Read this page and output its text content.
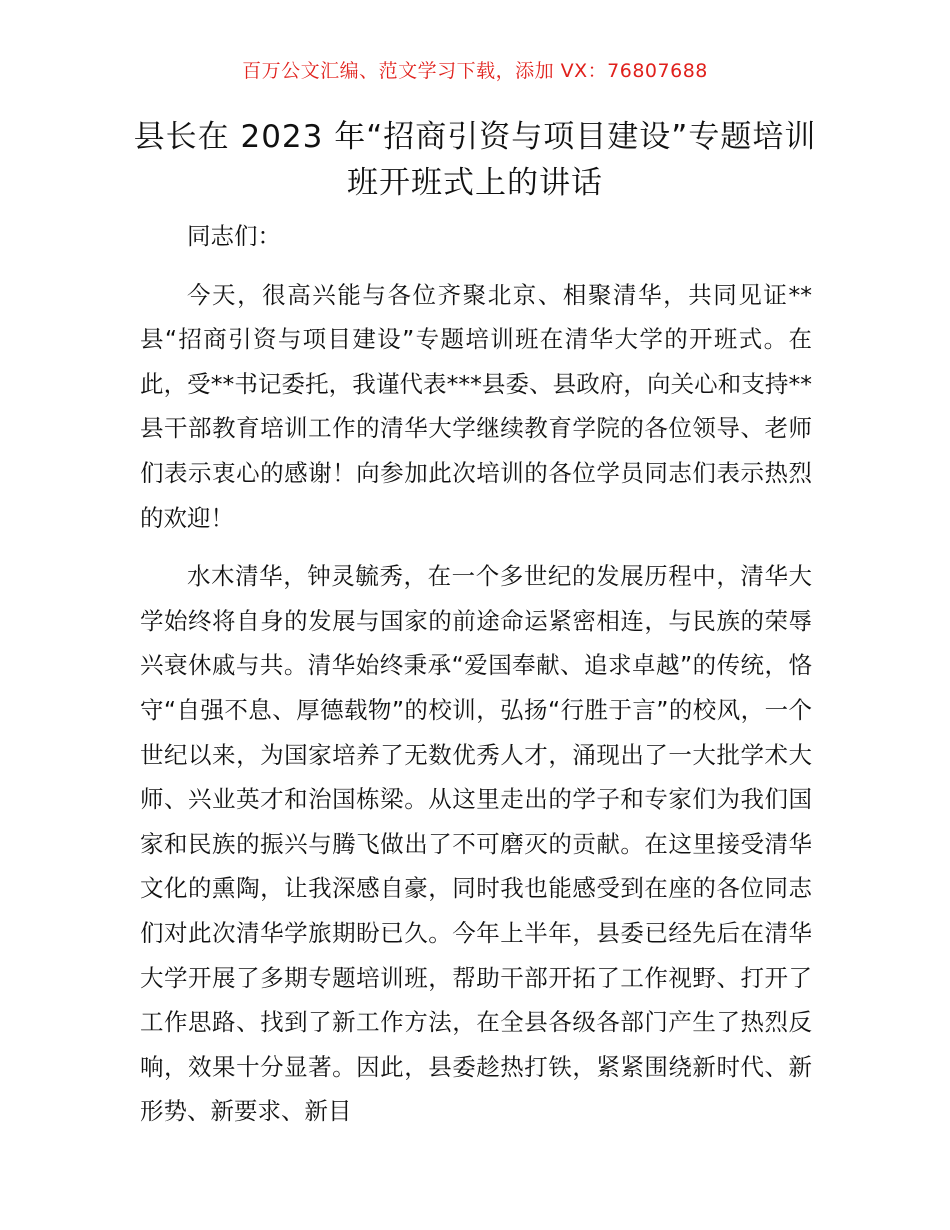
百万公文汇编、范文学习下载，添加 VX：76807688
县长在 2023 年“招商引资与项目建设”专题培训班开班式上的讲话

同志们：

今天，很高兴能与各位齐聚北京、相聚清华，共同见证**县“招商引资与项目建设”专题培训班在清华大学的开班式。在此，受**书记委托，我谨代表***县委、县政府，向关心和支持**县干部教育培训工作的清华大学继续教育学院的各位领导、老师们表示衷心的感谢！向参加此次培训的各位学员同志们表示热烈的欢迎！

水木清华，钟灵毓秀，在一个多世纪的发展历程中，清华大学始终将自身的发展与国家的前途命运紧密相连，与民族的荣辱兴衰休戚与共。清华始终秉承“爱国奉献、追求卓越”的传统，恪守“自强不息、厚德载物”的校训，弘扬“行胜于言”的校风，一个世纪以来，为国家培养了无数优秀人才，涌现出了一大批学术大师、兴业英才和治国栋梁。从这里走出的学子和专家们为我们国家和民族的振兴与腾飞做出了不可磨灭的贡献。在这里接受清华文化的熏陶，让我深感自豪，同时我也能感受到在座的各位同志们对此次清华学旅期盼已久。今年上半年，县委已经先后在清华大学开展了多期专题培训班，帮助干部开拓了工作视野、打开了工作思路、找到了新工作方法，在全县各级各部门产生了热烈反响，效果十分显著。因此，县委趁热打铁，紧紧围绕新时代、新形势、新要求、新目
